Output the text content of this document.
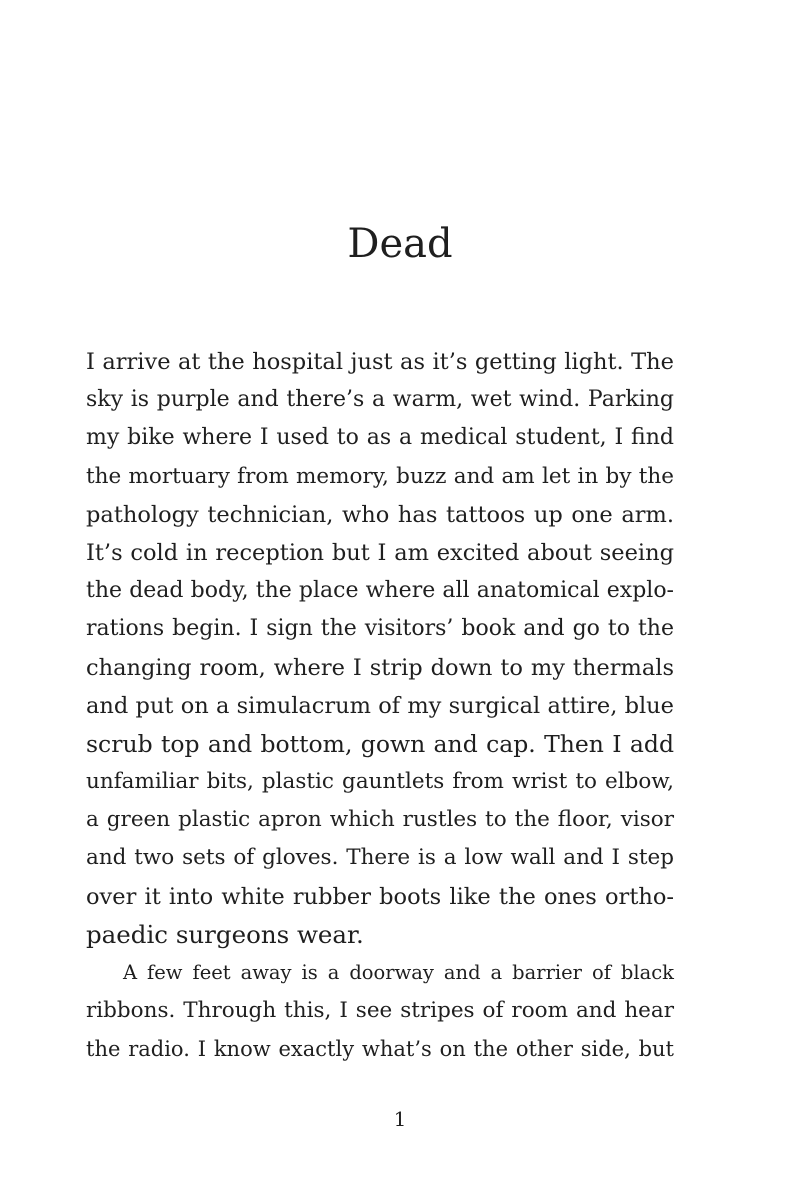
Dead
I arrive at the hospital just as it’s getting light. The
sky is purple and there’s a warm, wet wind. Parking
my bike where I used to as a medical student, I find
the mortuary from memory, buzz and am let in by the
pathology technician, who has tattoos up one arm.
It’s cold in reception but I am excited about seeing
the dead body, the place where all anatomical explo-
rations begin. I sign the visitors’ book and go to the
changing room, where I strip down to my thermals
and put on a simulacrum of my surgical attire, blue
scrub top and bottom, gown and cap. Then I add
unfamiliar bits, plastic gauntlets from wrist to elbow,
a green plastic apron which rustles to the floor, visor
and two sets of gloves. There is a low wall and I step
over it into white rubber boots like the ones ortho-
paedic surgeons wear.
A few feet away is a doorway and a barrier of black
ribbons. Through this, I see stripes of room and hear
the radio. I know exactly what’s on the other side, but
1
